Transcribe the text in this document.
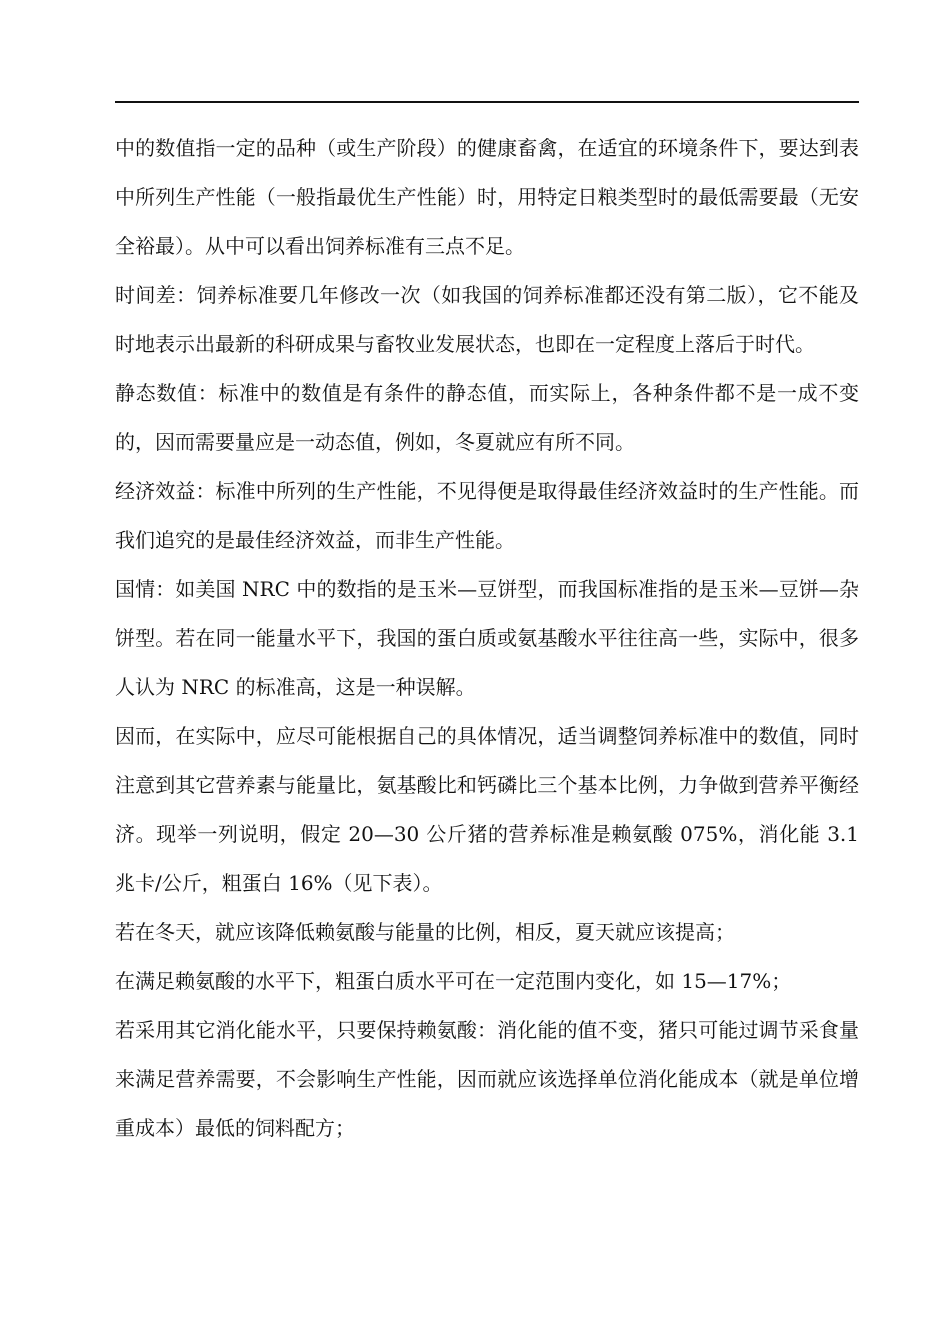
中的数值指一定的品种（或生产阶段）的健康畜禽，在适宜的环境条件下，要达到表中所列生产性能（一般指最优生产性能）时，用特定日粮类型时的最低需要最（无安全裕最）。从中可以看出饲养标准有三点不足。

时间差：饲养标准要几年修改一次（如我国的饲养标准都还没有第二版），它不能及时地表示出最新的科研成果与畜牧业发展状态，也即在一定程度上落后于时代。

静态数值：标准中的数值是有条件的静态值，而实际上，各种条件都不是一成不变的，因而需要量应是一动态值，例如，冬夏就应有所不同。

经济效益：标准中所列的生产性能，不见得便是取得最佳经济效益时的生产性能。而我们追究的是最佳经济效益，而非生产性能。

国情：如美国 NRC 中的数指的是玉米—豆饼型，而我国标准指的是玉米—豆饼—杂饼型。若在同一能量水平下，我国的蛋白质或氨基酸水平往往高一些，实际中，很多人认为 NRC 的标准高，这是一种误解。

因而，在实际中，应尽可能根据自己的具体情况，适当调整饲养标准中的数值，同时注意到其它营养素与能量比，氨基酸比和钙磷比三个基本比例，力争做到营养平衡经济。现举一列说明，假定 20—30 公斤猪的营养标准是赖氨酸 075%，消化能 3.1 兆卡/公斤，粗蛋白 16%（见下表）。

若在冬天，就应该降低赖氨酸与能量的比例，相反，夏天就应该提高；

在满足赖氨酸的水平下，粗蛋白质水平可在一定范围内变化，如 15—17%；

若采用其它消化能水平，只要保持赖氨酸：消化能的值不变，猪只可能过调节采食量来满足营养需要，不会影响生产性能，因而就应该选择单位消化能成本（就是单位增重成本）最低的饲料配方；
